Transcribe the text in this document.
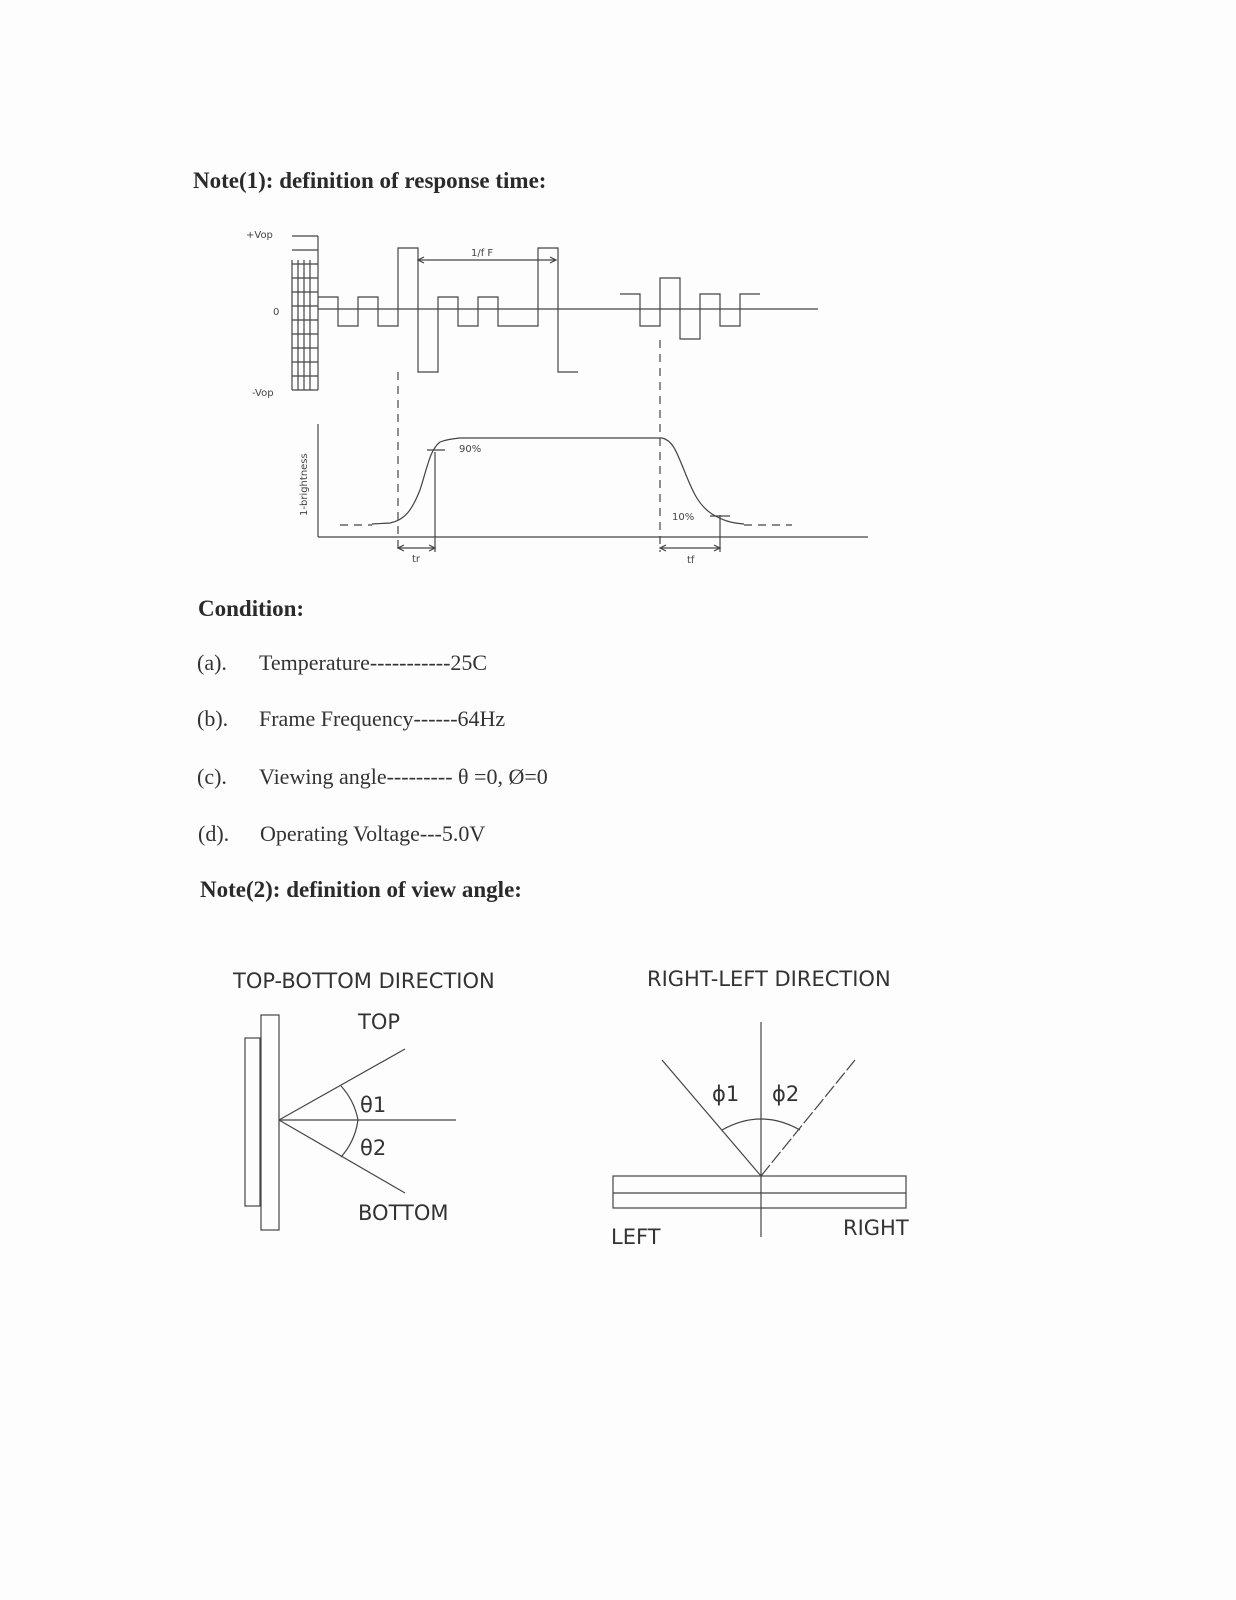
Note(1): definition of response time:
+Vop
0
-Vop
1/f F
1-brightness
90%
10%
tr	tf
TOP-BOTTOM DIRECTION
TOP
θ1
θ2
BOTTOM
RIGHT-LEFT DIRECTION
ϕ1 ϕ2
LEFT	RIGHT
Condition:
(a). Temperature-----------25C
(b). Frame Frequency------64Hz
(c). Viewing angle--------- θ =0, Ø=0
(d). Operating Voltage---5.0V
Note(2): definition of view angle:
